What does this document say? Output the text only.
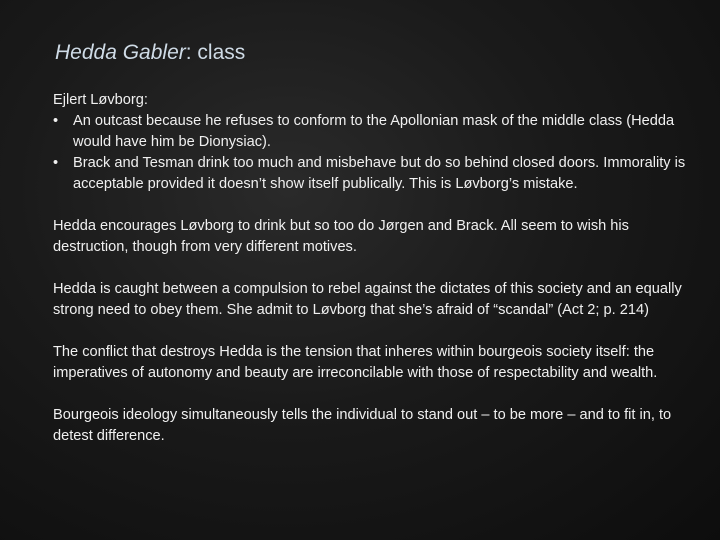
Hedda Gabler: class

Ejlert Løvborg:

• An outcast because he refuses to conform to the Apollonian mask of the middle class (Hedda would have him be Dionysiac).
• Brack and Tesman drink too much and misbehave but do so behind closed doors. Immorality is acceptable provided it doesn’t show itself publically. This is Løvborg’s mistake.

Hedda encourages Løvborg to drink but so too do Jørgen and Brack. All seem to wish his destruction, though from very different motives.

Hedda is caught between a compulsion to rebel against the dictates of this society and an equally strong need to obey them. She admit to Løvborg that she’s afraid of “scandal” (Act 2; p. 214)

The conflict that destroys Hedda is the tension that inheres within bourgeois society itself: the imperatives of autonomy and beauty are irreconcilable with those of respectability and wealth.

Bourgeois ideology simultaneously tells the individual to stand out – to be more – and to fit in, to detest difference.
